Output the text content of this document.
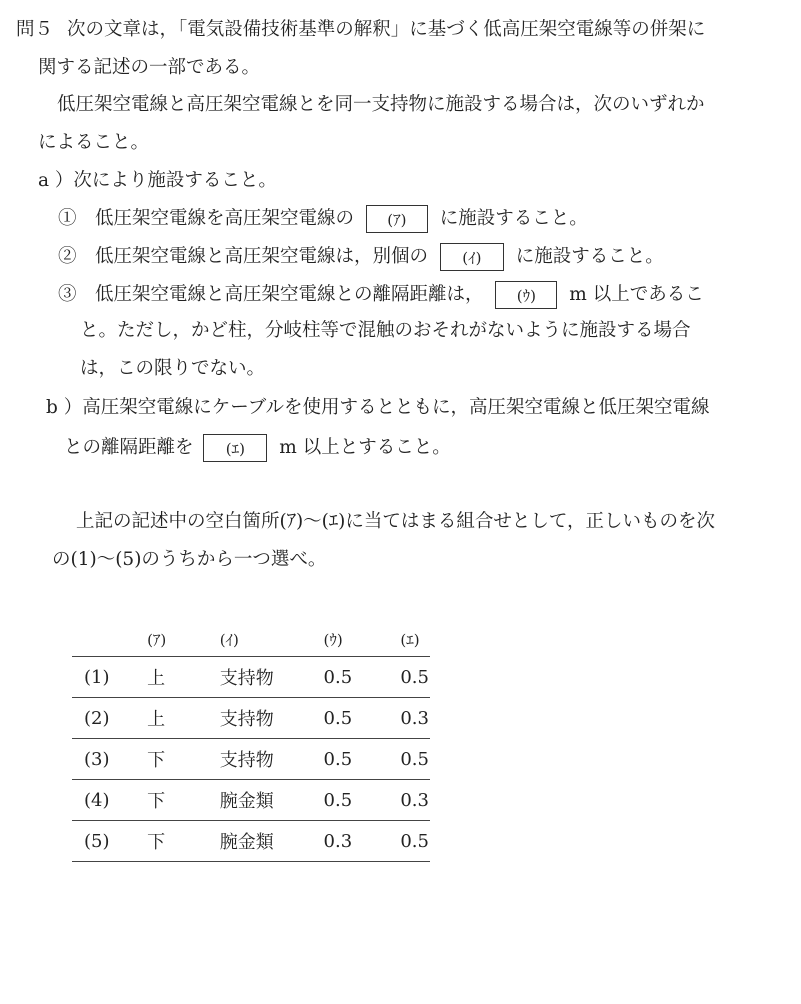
問５ 次の文章は，「電気設備技術基準の解釈」に基づく低高圧架空電線等の併架に
関する記述の一部である。
低圧架空電線と高圧架空電線とを同一支持物に施設する場合は，次のいずれか
によること。
a ）次により施設すること。
①　低圧架空電線を高圧架空電線の (ｱ) に施設すること。
②　低圧架空電線と高圧架空電線は，別個の (ｲ) に施設すること。
③　低圧架空電線と高圧架空電線との離隔距離は， (ｳ) m 以上であるこ
と。ただし，かど柱，分岐柱等で混触のおそれがないように施設する場合
は，この限りでない。
b ）高圧架空電線にケーブルを使用するとともに，高圧架空電線と低圧架空電線
との離隔距離を (ｴ) m 以上とすること。
上記の記述中の空白箇所(ｱ)～(ｴ)に当てはまる組合せとして，正しいものを次
の(1)～(5)のうちから一つ選べ。
	(ｱ)	(ｲ)	(ｳ)	(ｴ)
(1)	上	支持物	0.5	0.5
(2)	上	支持物	0.5	0.3
(3)	下	支持物	0.5	0.5
(4)	下	腕金類	0.5	0.3
(5)	下	腕金類	0.3	0.5
